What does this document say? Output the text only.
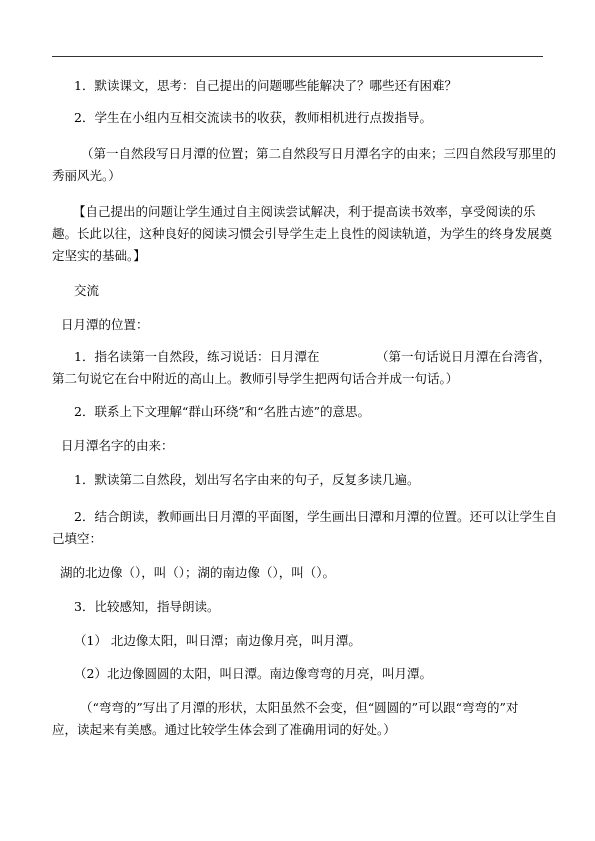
1．默读课文，思考：自己提出的问题哪些能解决了？哪些还有困难？
2．学生在小组内互相交流读书的收获，教师相机进行点拨指导。
（第一自然段写日月潭的位置；第二自然段写日月潭名字的由来；三四自然段写那里的
秀丽风光。）
【自己提出的问题让学生通过自主阅读尝试解决，利于提高读书效率，享受阅读的乐
趣。长此以往，这种良好的阅读习惯会引导学生走上良性的阅读轨道，为学生的终身发展奠
定坚实的基础。】
交流
日月潭的位置：
1．指名读第一自然段，练习说话：日月潭在	（第一句话说日月潭在台湾省，
第二句说它在台中附近的高山上。教师引导学生把两句话合并成一句话。）
2．联系上下文理解“群山环绕”和“名胜古迹”的意思。
日月潭名字的由来：
1．默读第二自然段，划出写名字由来的句子，反复多读几遍。
2．结合朗读，教师画出日月潭的平面图，学生画出日潭和月潭的位置。还可以让学生自
己填空：
湖的北边像（），叫（）；湖的南边像（），叫（）。
3．比较感知，指导朗读。
（1） 北边像太阳，叫日潭；南边像月亮，叫月潭。
（2）北边像圆圆的太阳，叫日潭。南边像弯弯的月亮，叫月潭。
（“弯弯的”写出了月潭的形状，太阳虽然不会变，但“圆圆的”可以跟“弯弯的”对
应，读起来有美感。通过比较学生体会到了准确用词的好处。）
